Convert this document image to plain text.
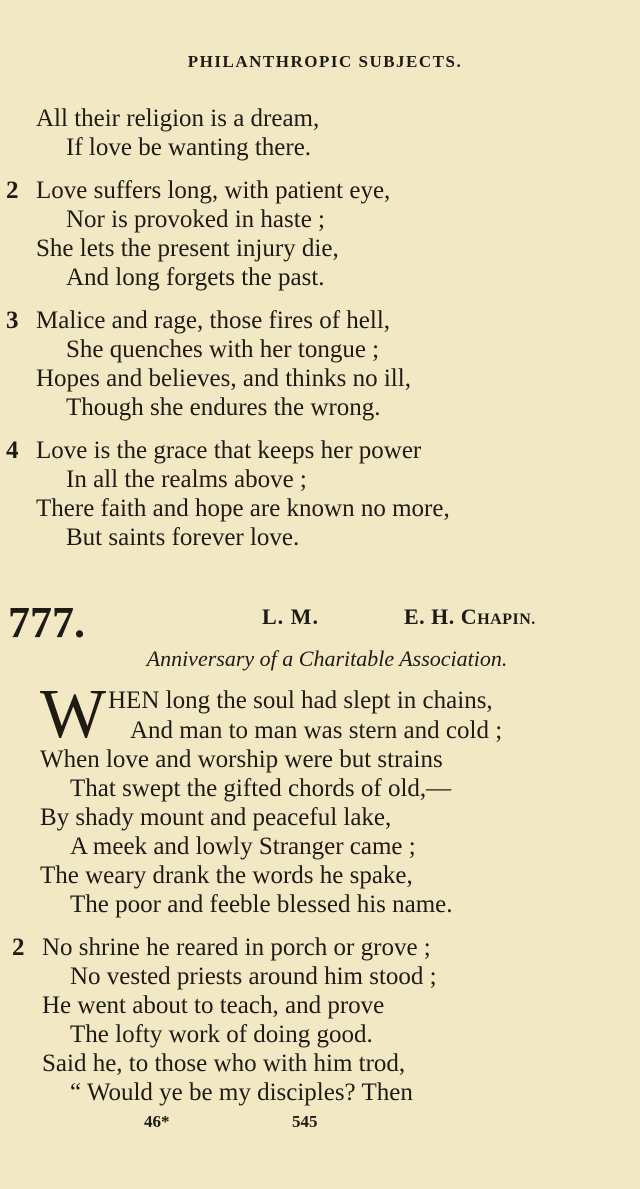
PHILANTHROPIC SUBJECTS.
All their religion is a dream,
If love be wanting there.
2 Love suffers long, with patient eye,
Nor is provoked in haste ;
She lets the present injury die,
And long forgets the past.
3 Malice and rage, those fires of hell,
She quenches with her tongue ;
Hopes and believes, and thinks no ill,
Though she endures the wrong.
4 Love is the grace that keeps her power
In all the realms above ;
There faith and hope are known no more,
But saints forever love.
777.	L. M.	E. H. CHAPIN.
Anniversary of a Charitable Association.
W HEN long the soul had slept in chains,
And man to man was stern and cold ;
When love and worship were but strains
That swept the gifted chords of old,—
By shady mount and peaceful lake,
A meek and lowly Stranger came ;
The weary drank the words he spake,
The poor and feeble blessed his name.
2 No shrine he reared in porch or grove ;
No vested priests around him stood ;
He went about to teach, and prove
The lofty work of doing good.
Said he, to those who with him trod,
“ Would ye be my disciples? Then
46*	545
